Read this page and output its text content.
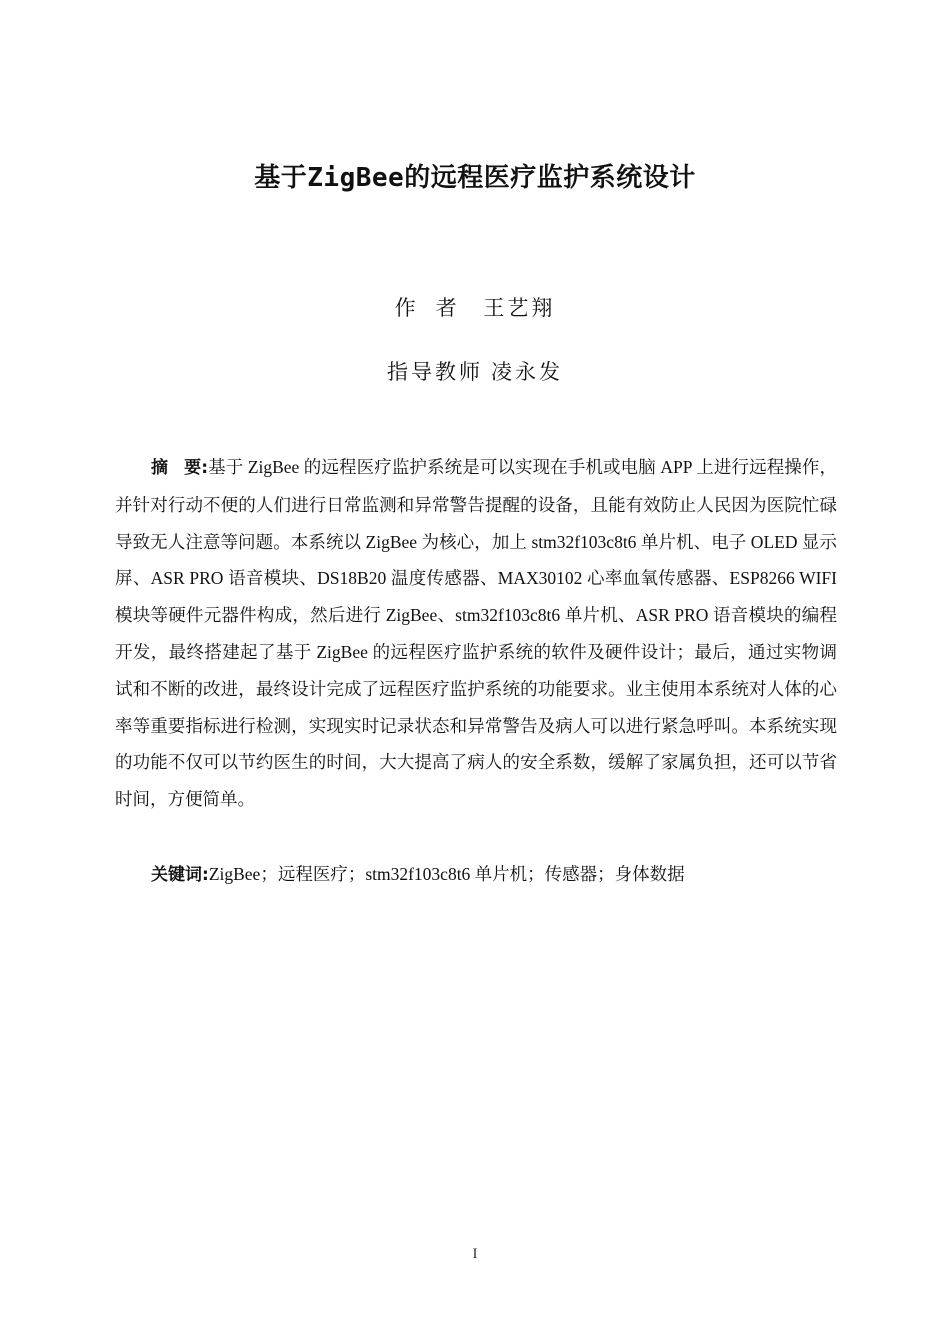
基于ZigBee的远程医疗监护系统设计
作者 王艺翔
指导教师 凌永发

摘要:基于 ZigBee 的远程医疗监护系统是可以实现在手机或电脑 APP 上进行远程操作，并针对行动不便的人们进行日常监测和异常警告提醒的设备，且能有效防止人民因为医院忙碌导致无人注意等问题。本系统以 ZigBee 为核心，加上 stm32f103c8t6 单片机、电子 OLED 显示屏、ASR PRO 语音模块、DS18B20 温度传感器、MAX30102 心率血氧传感器、ESP8266 WIFI 模块等硬件元器件构成，然后进行 ZigBee、stm32f103c8t6 单片机、ASR PRO 语音模块的编程开发，最终搭建起了基于 ZigBee 的远程医疗监护系统的软件及硬件设计；最后，通过实物调试和不断的改进，最终设计完成了远程医疗监护系统的功能要求。业主使用本系统对人体的心率等重要指标进行检测，实现实时记录状态和异常警告及病人可以进行紧急呼叫。本系统实现的功能不仅可以节约医生的时间，大大提高了病人的安全系数，缓解了家属负担，还可以节省时间，方便简单。

关键词:ZigBee；远程医疗；stm32f103c8t6 单片机；传感器；身体数据

I
